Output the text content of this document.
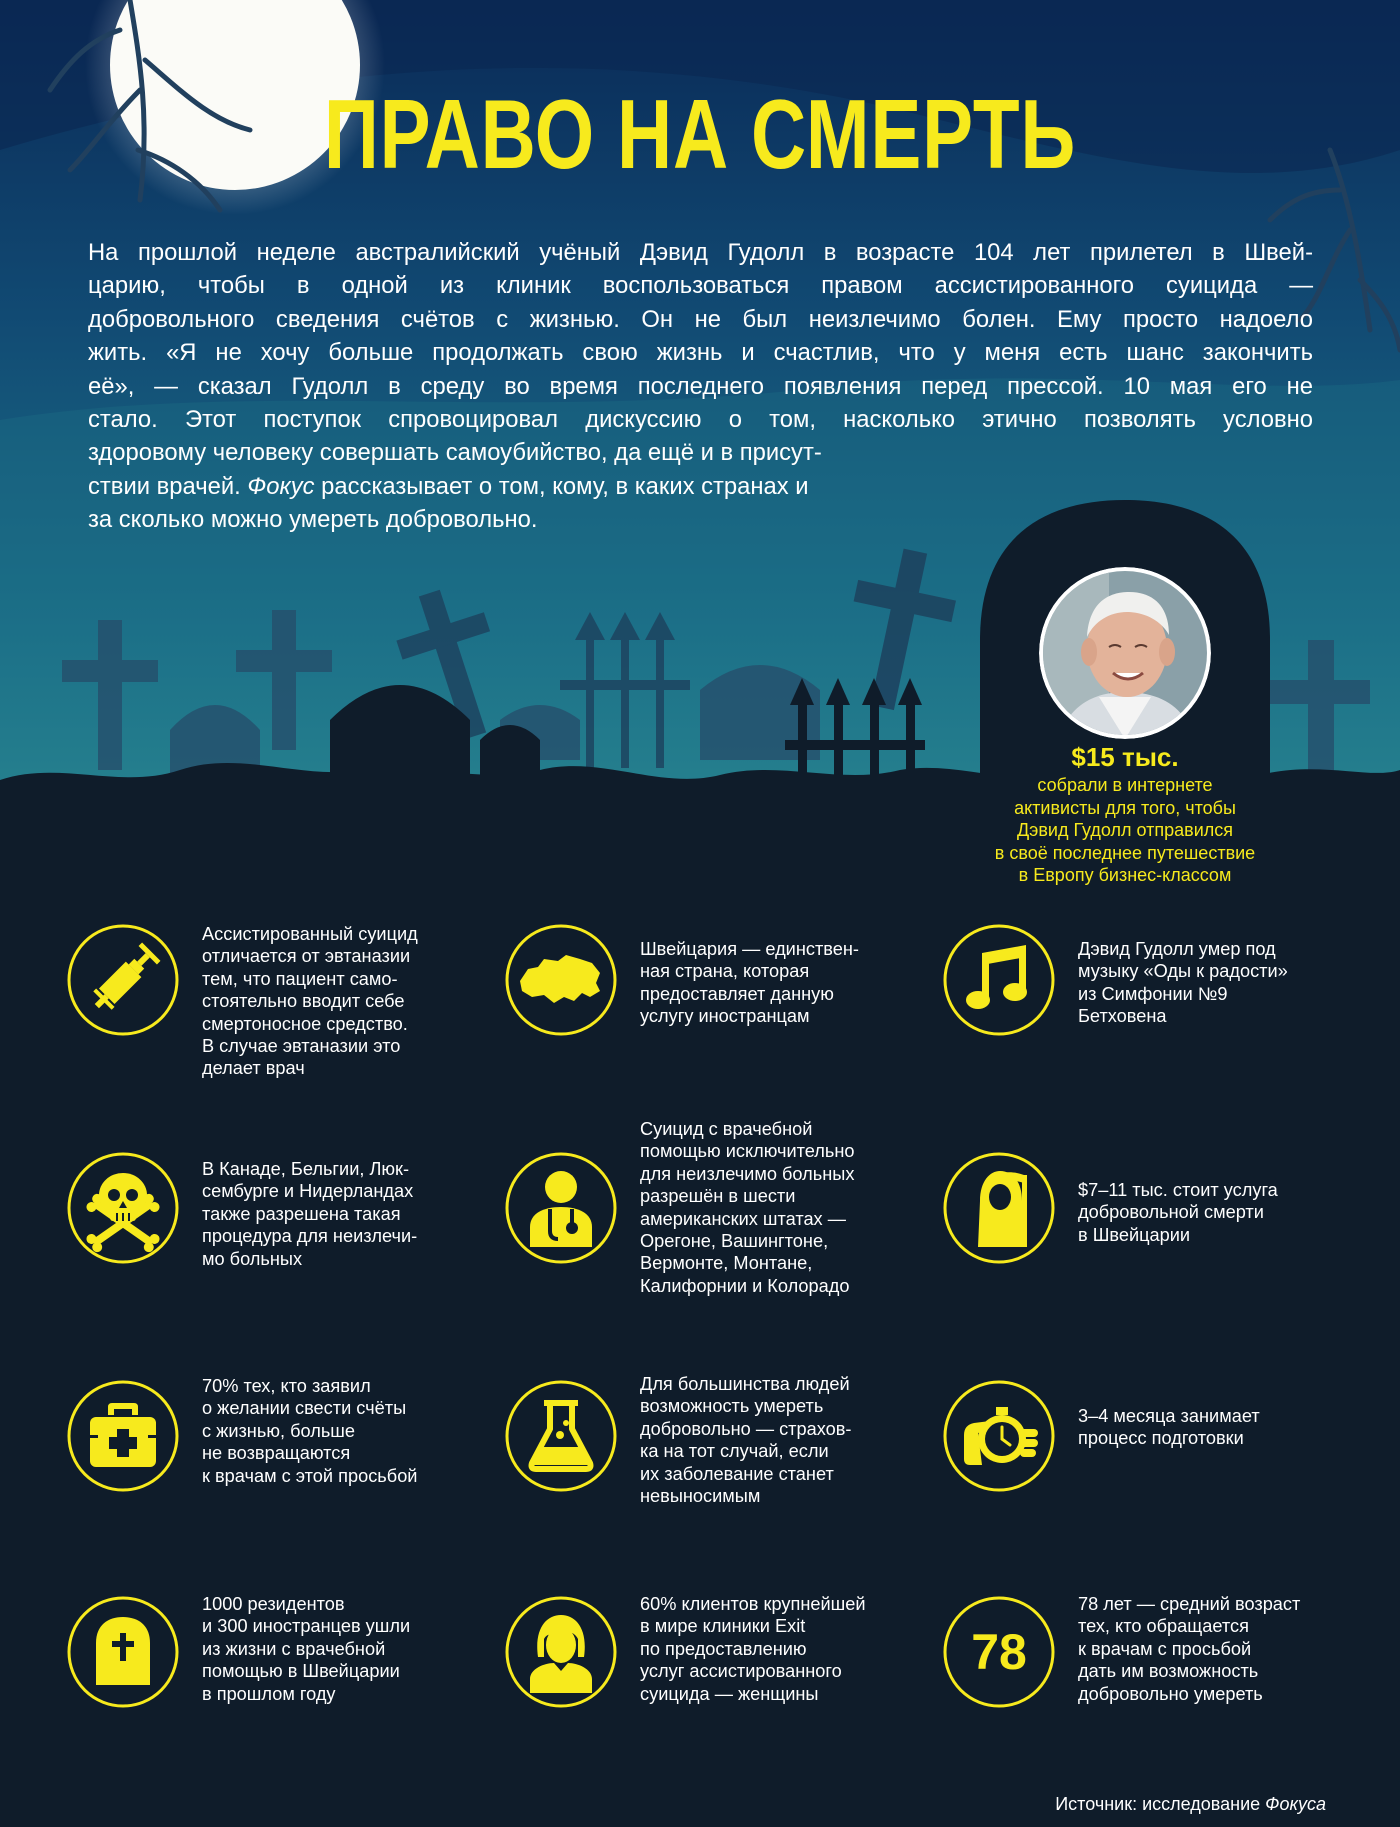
ПРАВО НА СМЕРТЬ

На прошлой неделе австралийский учёный Дэвид Гудолл в возрасте 104 лет прилетел в Швей-
царию, чтобы в одной из клиник воспользоваться правом ассистированного суицида —
добровольного сведения счётов с жизнью. Он не был неизлечимо болен. Ему просто надоело
жить. «Я не хочу больше продолжать свою жизнь и счастлив, что у меня есть шанс закончить
её», — сказал Гудолл в среду во время последнего появления перед прессой. 10 мая его не
стало. Этот поступок спровоцировал дискуссию о том, насколько этично позволять условно
здоровому человеку совершать самоубийство, да ещё и в присут-
ствии врачей. Фокус рассказывает о том, кому, в каких странах и
за сколько можно умереть добровольно.

$15 тыс.
собрали в интернете
активисты для того, чтобы
Дэвид Гудолл отправился
в своё последнее путешествие
в Европу бизнес-классом

Ассистированный суицид
отличается от эвтаназии
тем, что пациент само-
стоятельно вводит себе
смертоносное средство.
В случае эвтаназии это
делает врач

Швейцария — единствен-
ная страна, которая
предоставляет данную
услугу иностранцам

Дэвид Гудолл умер под
музыку «Оды к радости»
из Симфонии №9
Бетховена

В Канаде, Бельгии, Люк-
сембурге и Нидерландах
также разрешена такая
процедура для неизлечи-
мо больных

Суицид с врачебной
помощью исключительно
для неизлечимо больных
разрешён в шести
американских штатах —
Орегоне, Вашингтоне,
Вермонте, Монтане,
Калифорнии и Колорадо

$7–11 тыс. стоит услуга
добровольной смерти
в Швейцарии

70% тех, кто заявил
о желании свести счёты
с жизнью, больше
не возвращаются
к врачам с этой просьбой

Для большинства людей
возможность умереть
добровольно — страхов-
ка на тот случай, если
их заболевание станет
невыносимым

3–4 месяца занимает
процесс подготовки

1000 резидентов
и 300 иностранцев ушли
из жизни с врачебной
помощью в Швейцарии
в прошлом году

60% клиентов крупнейшей
в мире клиники Exit
по предоставлению
услуг ассистированного
суицида — женщины

78

78 лет — средний возраст
тех, кто обращается
к врачам с просьбой
дать им возможность
добровольно умереть

Источник: исследование Фокуса
